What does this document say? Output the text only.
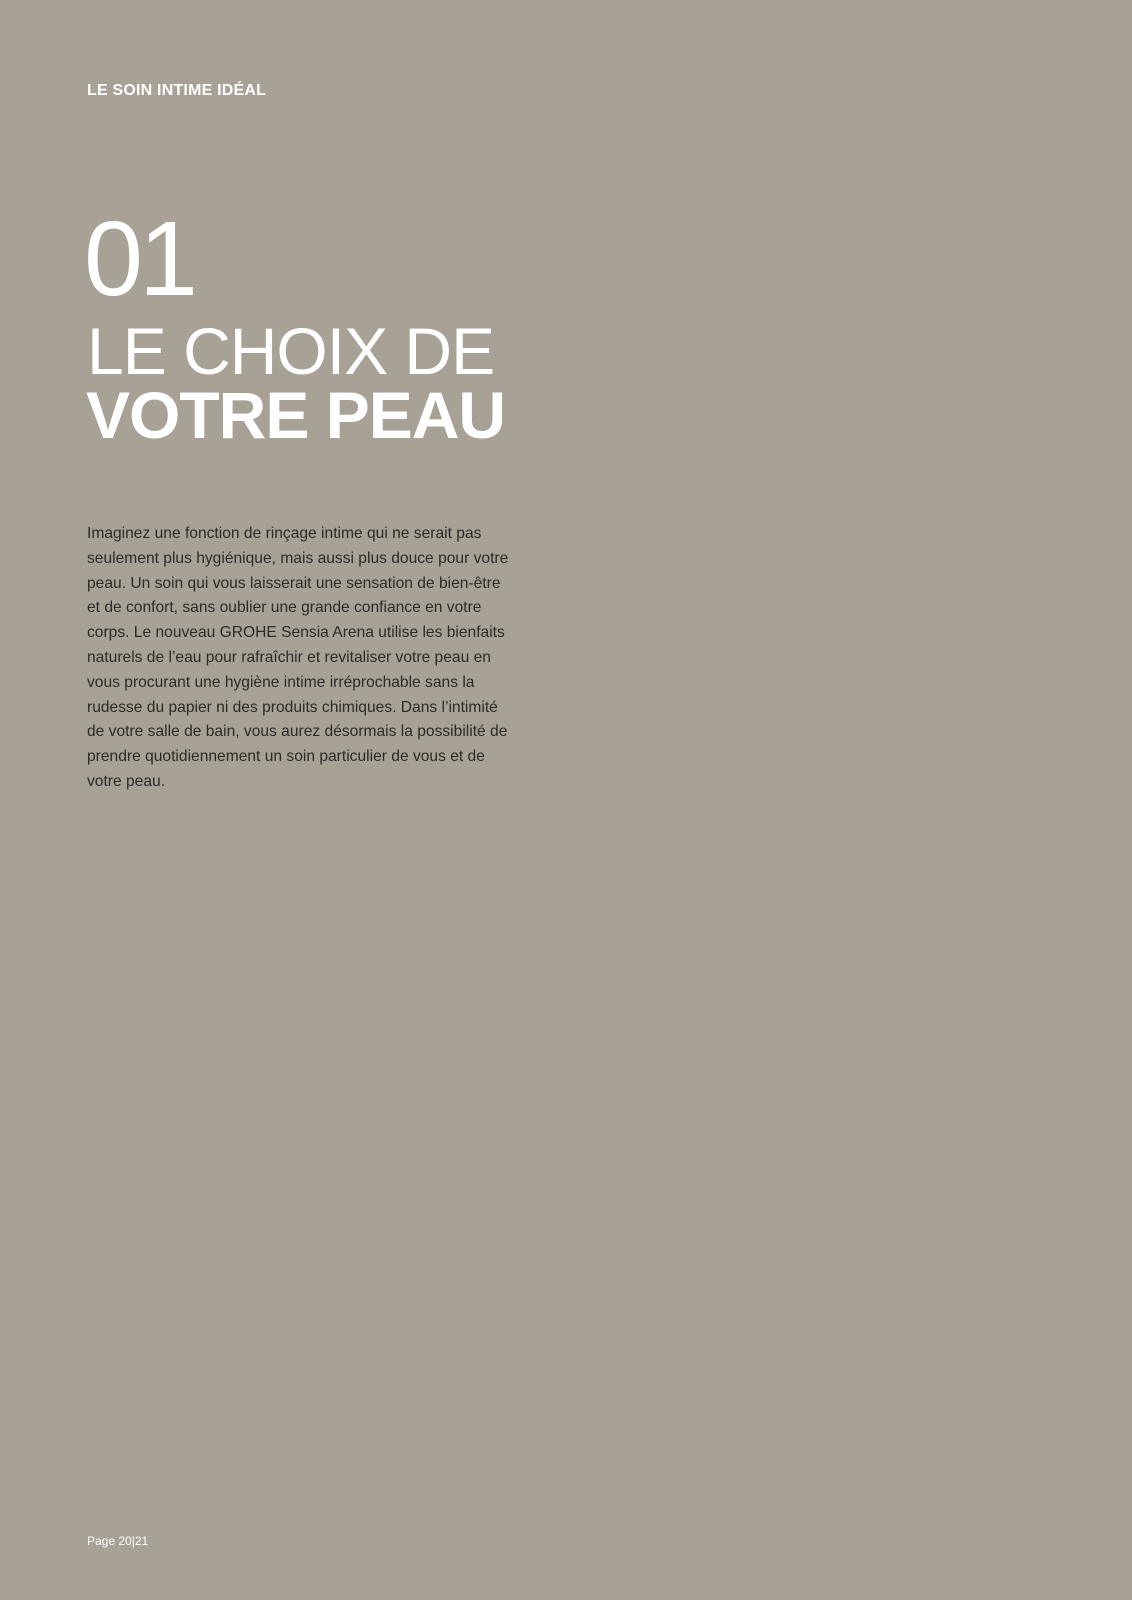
LE SOIN INTIME IDÉAL
01
LE CHOIX DE
VOTRE PEAU

Imaginez une fonction de rinçage intime qui ne serait pas
seulement plus hygiénique, mais aussi plus douce pour votre
peau. Un soin qui vous laisserait une sensation de bien-être
et de confort, sans oublier une grande confiance en votre
corps. Le nouveau GROHE Sensia Arena utilise les bienfaits
naturels de l’eau pour rafraîchir et revitaliser votre peau en
vous procurant une hygiène intime irréprochable sans la
rudesse du papier ni des produits chimiques. Dans l’intimité
de votre salle de bain, vous aurez désormais la possibilité de
prendre quotidiennement un soin particulier de vous et de
votre peau.

Page 20|21
